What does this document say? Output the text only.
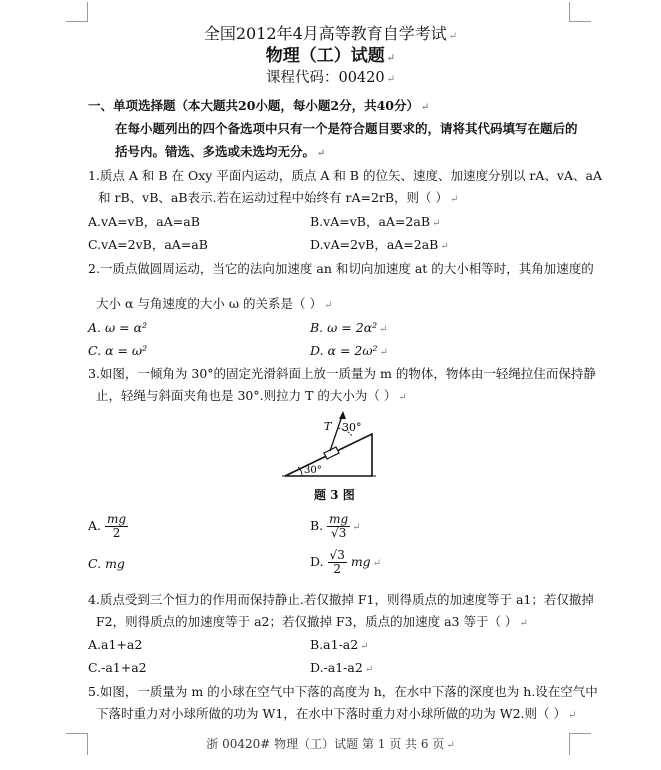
全国2012年4月高等教育自学考试 ↵
物理（工）试题 ↵
课程代码：00420 ↵
一、单项选择题（本大题共20小题，每小题2分，共40分） ↵
在每小题列出的四个备选项中只有一个是符合题目要求的，请将其代码填写在题后的
括号内。错选、多选或未选均无分。 ↵
1.质点 A 和 B 在 Oxy 平面内运动，质点 A 和 B 的位矢、速度、加速度分别以 rA、vA、aA
和 rB、vB、aB表示.若在运动过程中始终有 rA=2rB，则（ ） ↵
A.vA=vB，aA=aB	B.vA=vB，aA=2aB ↵
C.vA=2vB，aA=aB	D.vA=2vB，aA=2aB ↵
2.一质点做圆周运动，当它的法向加速度 an 和切向加速度 at 的大小相等时，其角加速度的
大小 α 与角速度的大小 ω 的关系是（ ） ↵
A. ω = α²	B. ω = 2α² ↵
C. α = ω²	D. α = 2ω² ↵
3.如图，一倾角为 30°的固定光滑斜面上放一质量为 m 的物体，物体由一轻绳拉住而保持静
止，轻绳与斜面夹角也是 30°.则拉力 T 的大小为（ ） ↵
T 30°
30°
题 3 图
A. $\frac{mg}{2}$	B. $\frac{mg}{√3}$ ↵
C. mg	D. $\frac{√3}{2}$ mg ↵
4.质点受到三个恒力的作用而保持静止.若仅撤掉 F1，则得质点的加速度等于 a1；若仅撤掉
F2，则得质点的加速度等于 a2；若仅撤掉 F3，质点的加速度 a3 等于（ ） ↵
A.a1+a2	B.a1-a2 ↵
C.-a1+a2	D.-a1-a2 ↵
5.如图，一质量为 m 的小球在空气中下落的高度为 h，在水中下落的深度也为 h.设在空气中
下落时重力对小球所做的功为 W1，在水中下落时重力对小球所做的功为 W2.则（ ） ↵
浙 00420# 物理（工）试题 第 1 页 共 6 页 ↵
